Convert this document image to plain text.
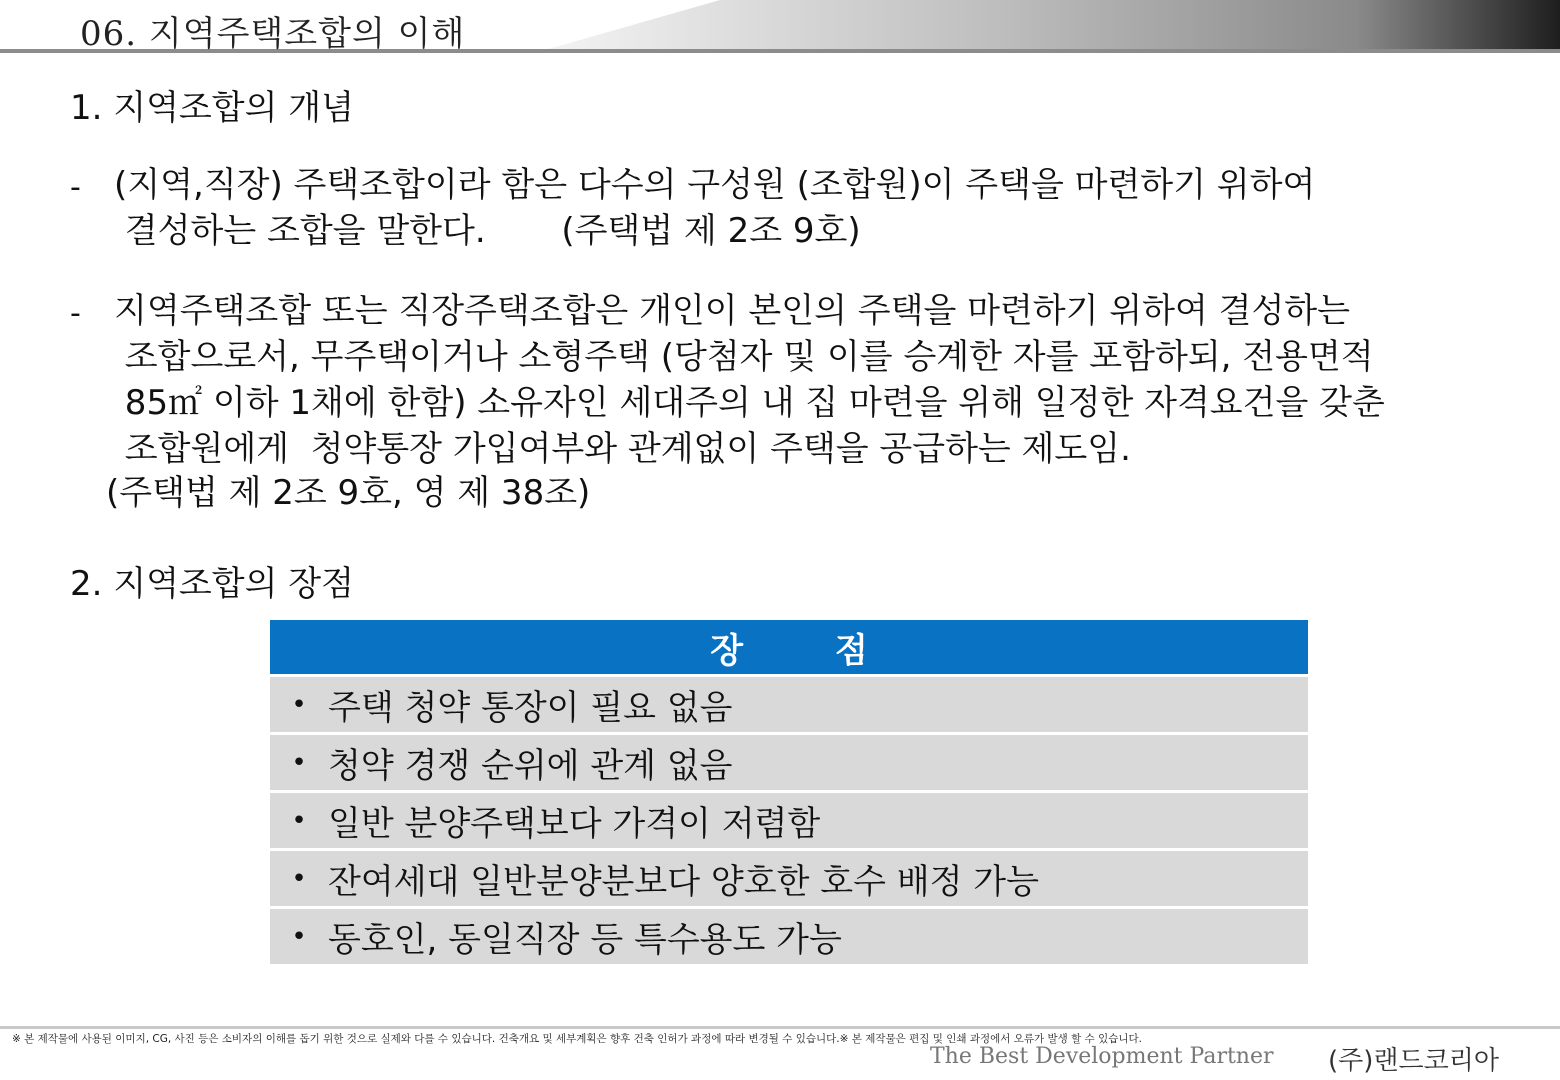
06. 지역주택조합의 이해
1. 지역조합의 개념
- (지역,직장) 주택조합이라 함은 다수의 구성원 (조합원)이 주택을 마련하기 위하여
결성하는 조합을 말한다.       (주택법 제 2조 9호)
- 지역주택조합 또는 직장주택조합은 개인이 본인의 주택을 마련하기 위하여 결성하는
조합으로서, 무주택이거나 소형주택 (당첨자 및 이를 승계한 자를 포함하되, 전용면적
85㎡ 이하 1채에 한함) 소유자인 세대주의 내 집 마련을 위해 일정한 자격요건을 갖춘
조합원에게  청약통장 가입여부와 관계없이 주택을 공급하는 제도임.
(주택법 제 2조 9호, 영 제 38조)
2. 지역조합의 장점
장 점
• 주택 청약 통장이 필요 없음
• 청약 경쟁 순위에 관계 없음
• 일반 분양주택보다 가격이 저렴함
• 잔여세대 일반분양분보다 양호한 호수 배정 가능
• 동호인, 동일직장 등 특수용도 가능
※ 본 제작물에 사용된 이미지, CG, 사진 등은 소비자의 이해를 돕기 위한 것으로 실제와 다를 수 있습니다. 건축개요 및 세부계획은 향후 건축 인허가 과정에 따라 변경될 수 있습니다.※ 본 제작물은 편집 및 인쇄 과정에서 오류가 발생 할 수 있습니다.
The Best Development Partner (주)랜드코리아
